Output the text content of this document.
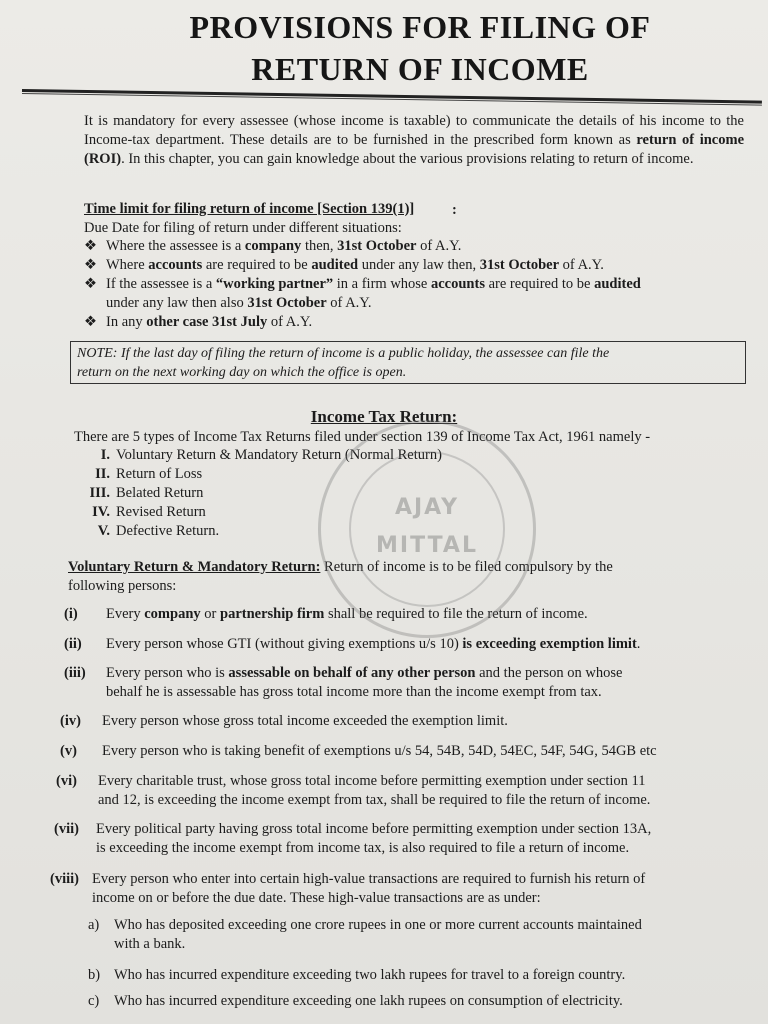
PROVISIONS FOR FILING OF
RETURN OF INCOME
It is mandatory for every assessee (whose income is taxable) to communicate the details of his income to the Income-tax department. These details are to be furnished in the prescribed form known as return of income (ROI). In this chapter, you can gain knowledge about the various provisions relating to return of income.
Time limit for filing return of income [Section 139(1)]	:
Due Date for filing of return under different situations:
❖ Where the assessee is a company then, 31st October of A.Y.
❖ Where accounts are required to be audited under any law then, 31st October of A.Y.
❖ If the assessee is a “working partner” in a firm whose accounts are required to be audited
under any law then also 31st October of A.Y.
❖ In any other case 31st July of A.Y.
NOTE: If the last day of filing the return of income is a public holiday, the assessee can file the
return on the next working day on which the office is open.
Income Tax Return:
There are 5 types of Income Tax Returns filed under section 139 of Income Tax Act, 1961 namely -
I. Voluntary Return & Mandatory Return (Normal Return)
II. Return of Loss
III. Belated Return
IV. Revised Return
V. Defective Return.
Voluntary Return & Mandatory Return: Return of income is to be filed compulsory by the
following persons:
(i) Every company or partnership firm shall be required to file the return of income.
(ii) Every person whose GTI (without giving exemptions u/s 10) is exceeding exemption limit.
(iii) Every person who is assessable on behalf of any other person and the person on whose
behalf he is assessable has gross total income more than the income exempt from tax.
(iv) Every person whose gross total income exceeded the exemption limit.
(v) Every person who is taking benefit of exemptions u/s 54, 54B, 54D, 54EC, 54F, 54G, 54GB etc
(vi) Every charitable trust, whose gross total income before permitting exemption under section 11
and 12, is exceeding the income exempt from tax, shall be required to file the return of income.
(vii) Every political party having gross total income before permitting exemption under section 13A,
is exceeding the income exempt from income tax, is also required to file a return of income.
(viii) Every person who enter into certain high-value transactions are required to furnish his return of
income on or before the due date. These high-value transactions are as under:
a) Who has deposited exceeding one crore rupees in one or more current accounts maintained
with a bank.
b) Who has incurred expenditure exceeding two lakh rupees for travel to a foreign country.
c) Who has incurred expenditure exceeding one lakh rupees on consumption of electricity.
AJAY
MITTAL
